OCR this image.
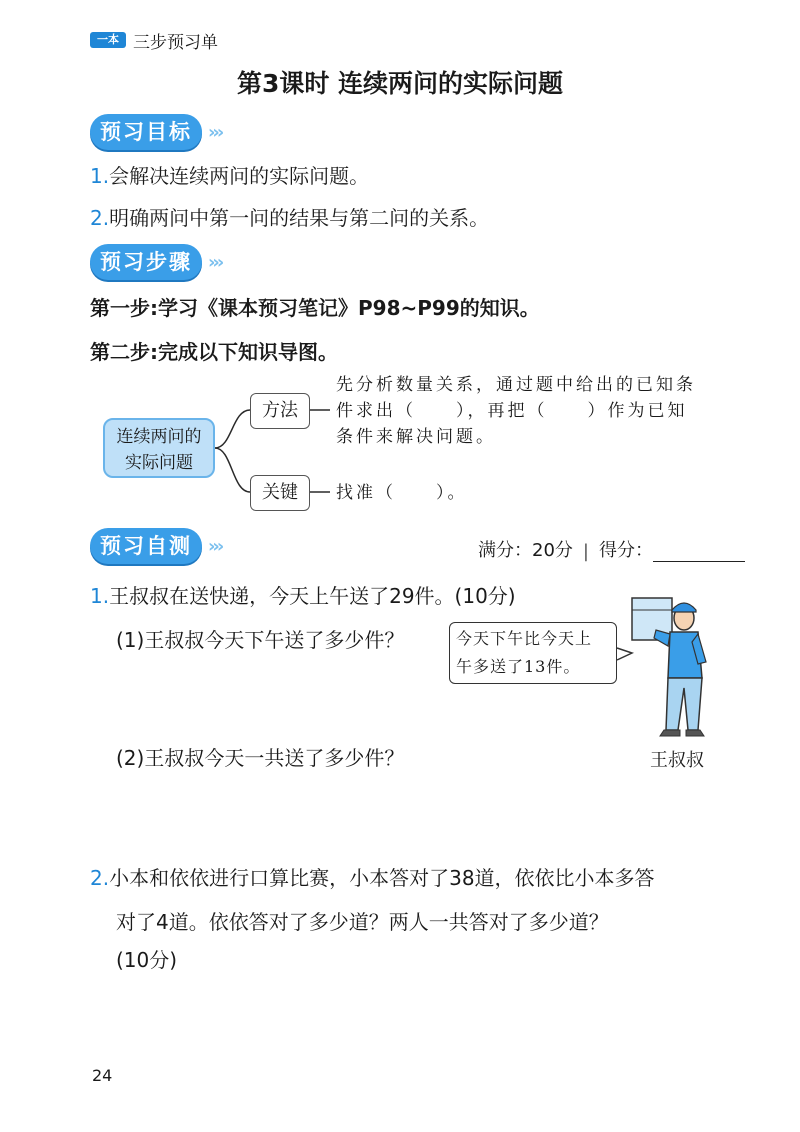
一本 三步预习单
第3课时 连续两问的实际问题
预习目标 ›››
1.会解决连续两问的实际问题。
2.明确两问中第一问的结果与第二问的关系。
预习步骤 ›››
第一步:学习《课本预习笔记》P98~P99的知识。
第二步:完成以下知识导图。
连续两问的
实际问题
方法
关键
先分析数量关系，通过题中给出的已知条
件求出（　　），再把（　　）作为已知
条件来解决问题。
找准（　　）。
预习自测 ›››	满分：20分 | 得分：
1.王叔叔在送快递，今天上午送了29件。(10分)
(1)王叔叔今天下午送了多少件？	今天下午比今天上
午多送了13件。
(2)王叔叔今天一共送了多少件？	王叔叔
2.小本和依依进行口算比赛，小本答对了38道，依依比小本多答
对了4道。依依答对了多少道？两人一共答对了多少道？
(10分)
24
